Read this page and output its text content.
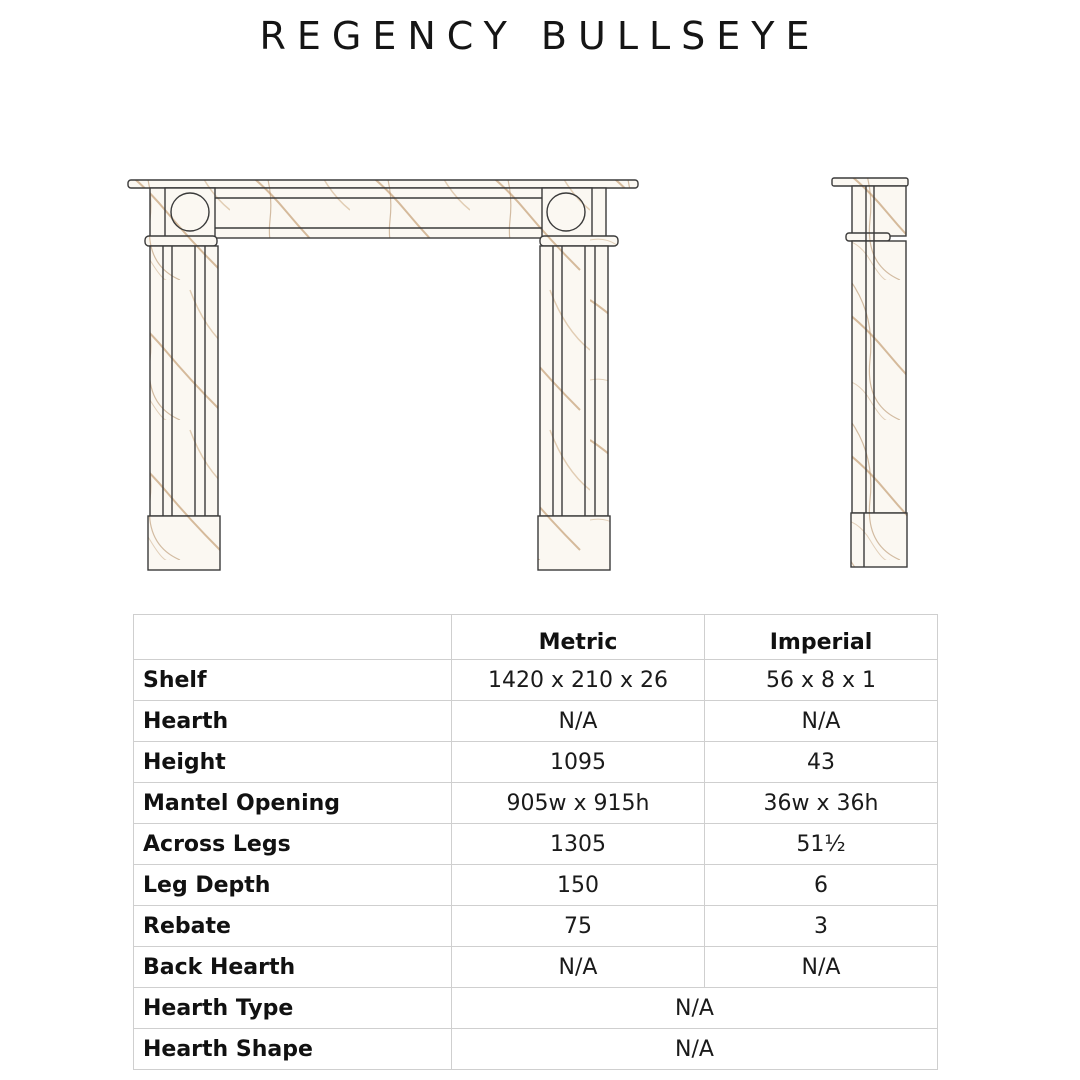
REGENCY BULLSEYE
	Metric	Imperial
Shelf	1420 x 210 x 26	56 x 8 x 1
Hearth	N/A	N/A
Height	1095	43
Mantel Opening	905w x 915h	36w x 36h
Across Legs	1305	51½
Leg Depth	150	6
Rebate	75	3
Back Hearth	N/A	N/A
Hearth Type	N/A	
Hearth Shape	N/A	
